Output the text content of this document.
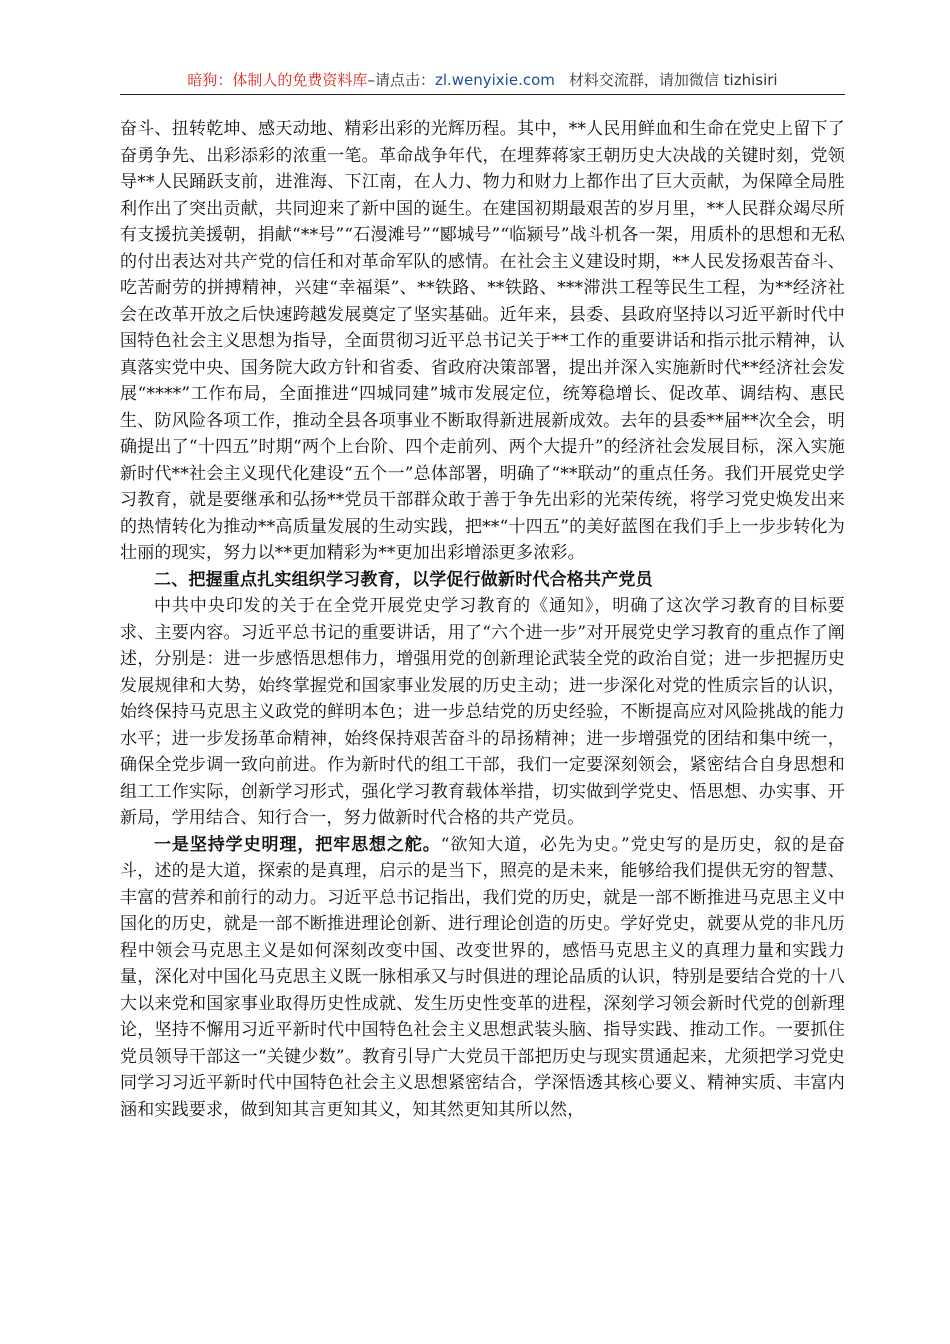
暗狗：体制人的免费资料库–请点击：zl.wenyixie.com 材料交流群，请加微信 tizhisiri

奋斗、扭转乾坤、感天动地、精彩出彩的光辉历程。其中，**人民用鲜血和生命在党史上留下了奋勇争先、出彩添彩的浓重一笔。革命战争年代，在埋葬蒋家王朝历史大决战的关键时刻，党领导**人民踊跃支前，进淮海、下江南，在人力、物力和财力上都作出了巨大贡献，为保障全局胜利作出了突出贡献，共同迎来了新中国的诞生。在建国初期最艰苦的岁月里，**人民群众竭尽所有支援抗美援朝，捐献“**号”“石漫滩号”“郾城号”“临颍号”战斗机各一架，用质朴的思想和无私的付出表达对共产党的信任和对革命军队的感情。在社会主义建设时期，**人民发扬艰苦奋斗、吃苦耐劳的拼搏精神，兴建“幸福渠”、**铁路、**铁路、***滞洪工程等民生工程，为**经济社会在改革开放之后快速跨越发展奠定了坚实基础。近年来，县委、县政府坚持以习近平新时代中国特色社会主义思想为指导，全面贯彻习近平总书记关于**工作的重要讲话和指示批示精神，认真落实党中央、国务院大政方针和省委、省政府决策部署，提出并深入实施新时代**经济社会发展“****”工作布局，全面推进“四城同建”城市发展定位，统筹稳增长、促改革、调结构、惠民生、防风险各项工作，推动全县各项事业不断取得新进展新成效。去年的县委**届**次全会，明确提出了“十四五”时期“两个上台阶、四个走前列、两个大提升”的经济社会发展目标，深入实施新时代**社会主义现代化建设“五个一”总体部署，明确了“**联动”的重点任务。我们开展党史学习教育，就是要继承和弘扬**党员干部群众敢于善于争先出彩的光荣传统，将学习党史焕发出来的热情转化为推动**高质量发展的生动实践，把**“十四五”的美好蓝图在我们手上一步步转化为壮丽的现实，努力以**更加精彩为**更加出彩增添更多浓彩。

二、把握重点扎实组织学习教育，以学促行做新时代合格共产党员

中共中央印发的关于在全党开展党史学习教育的《通知》，明确了这次学习教育的目标要求、主要内容。习近平总书记的重要讲话，用了“六个进一步”对开展党史学习教育的重点作了阐述，分别是：进一步感悟思想伟力，增强用党的创新理论武装全党的政治自觉；进一步把握历史发展规律和大势，始终掌握党和国家事业发展的历史主动；进一步深化对党的性质宗旨的认识，始终保持马克思主义政党的鲜明本色；进一步总结党的历史经验，不断提高应对风险挑战的能力水平；进一步发扬革命精神，始终保持艰苦奋斗的昂扬精神；进一步增强党的团结和集中统一，确保全党步调一致向前进。作为新时代的组工干部，我们一定要深刻领会，紧密结合自身思想和组工工作实际，创新学习形式，强化学习教育载体举措，切实做到学党史、悟思想、办实事、开新局，学用结合、知行合一，努力做新时代合格的共产党员。

一是坚持学史明理，把牢思想之舵。“欲知大道，必先为史。”党史写的是历史，叙的是奋斗，述的是大道，探索的是真理，启示的是当下，照亮的是未来，能够给我们提供无穷的智慧、丰富的营养和前行的动力。习近平总书记指出，我们党的历史，就是一部不断推进马克思主义中国化的历史，就是一部不断推进理论创新、进行理论创造的历史。学好党史，就要从党的非凡历程中领会马克思主义是如何深刻改变中国、改变世界的，感悟马克思主义的真理力量和实践力量，深化对中国化马克思主义既一脉相承又与时俱进的理论品质的认识，特别是要结合党的十八大以来党和国家事业取得历史性成就、发生历史性变革的进程，深刻学习领会新时代党的创新理论，坚持不懈用习近平新时代中国特色社会主义思想武装头脑、指导实践、推动工作。一要抓住党员领导干部这一“关键少数”。教育引导广大党员干部把历史与现实贯通起来，尤须把学习党史同学习习近平新时代中国特色社会主义思想紧密结合，学深悟透其核心要义、精神实质、丰富内涵和实践要求，做到知其言更知其义，知其然更知其所以然，
